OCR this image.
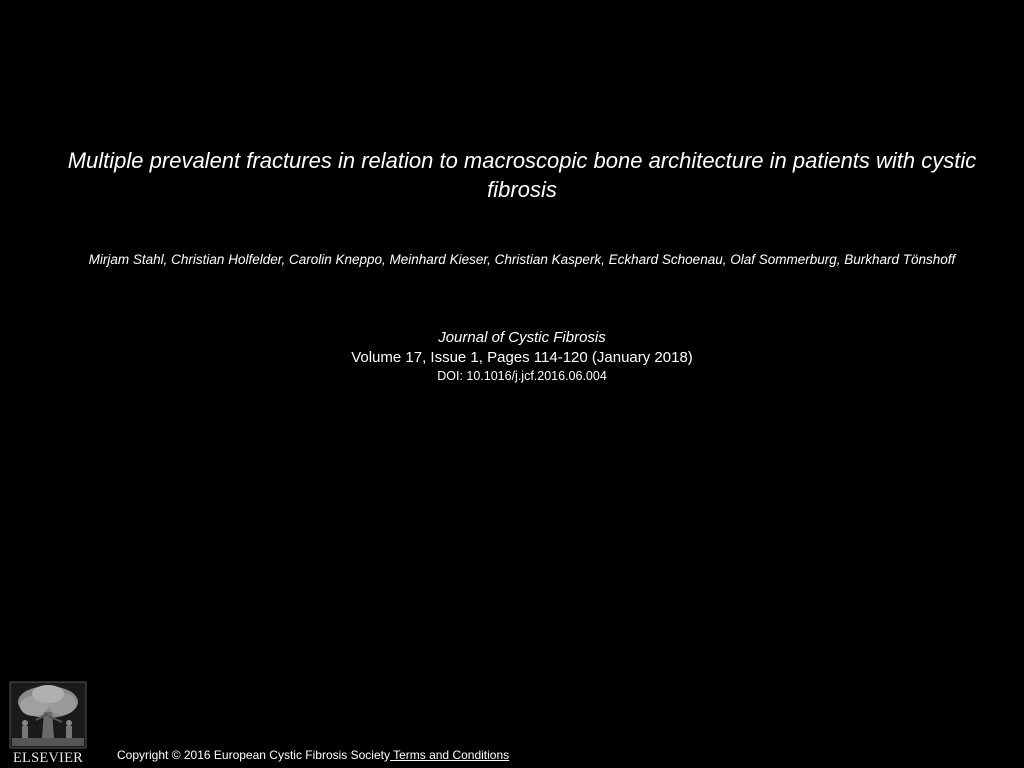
Multiple prevalent fractures in relation to macroscopic bone architecture in patients with cystic fibrosis

Mirjam Stahl, Christian Holfelder, Carolin Kneppo, Meinhard Kieser, Christian Kasperk, Eckhard Schoenau, Olaf Sommerburg, Burkhard Tönshoff

Journal of Cystic Fibrosis
Volume 17, Issue 1, Pages 114-120 (January 2018)
DOI: 10.1016/j.jcf.2016.06.004
ELSEVIER	Copyright © 2016 European Cystic Fibrosis Society Terms and Conditions
